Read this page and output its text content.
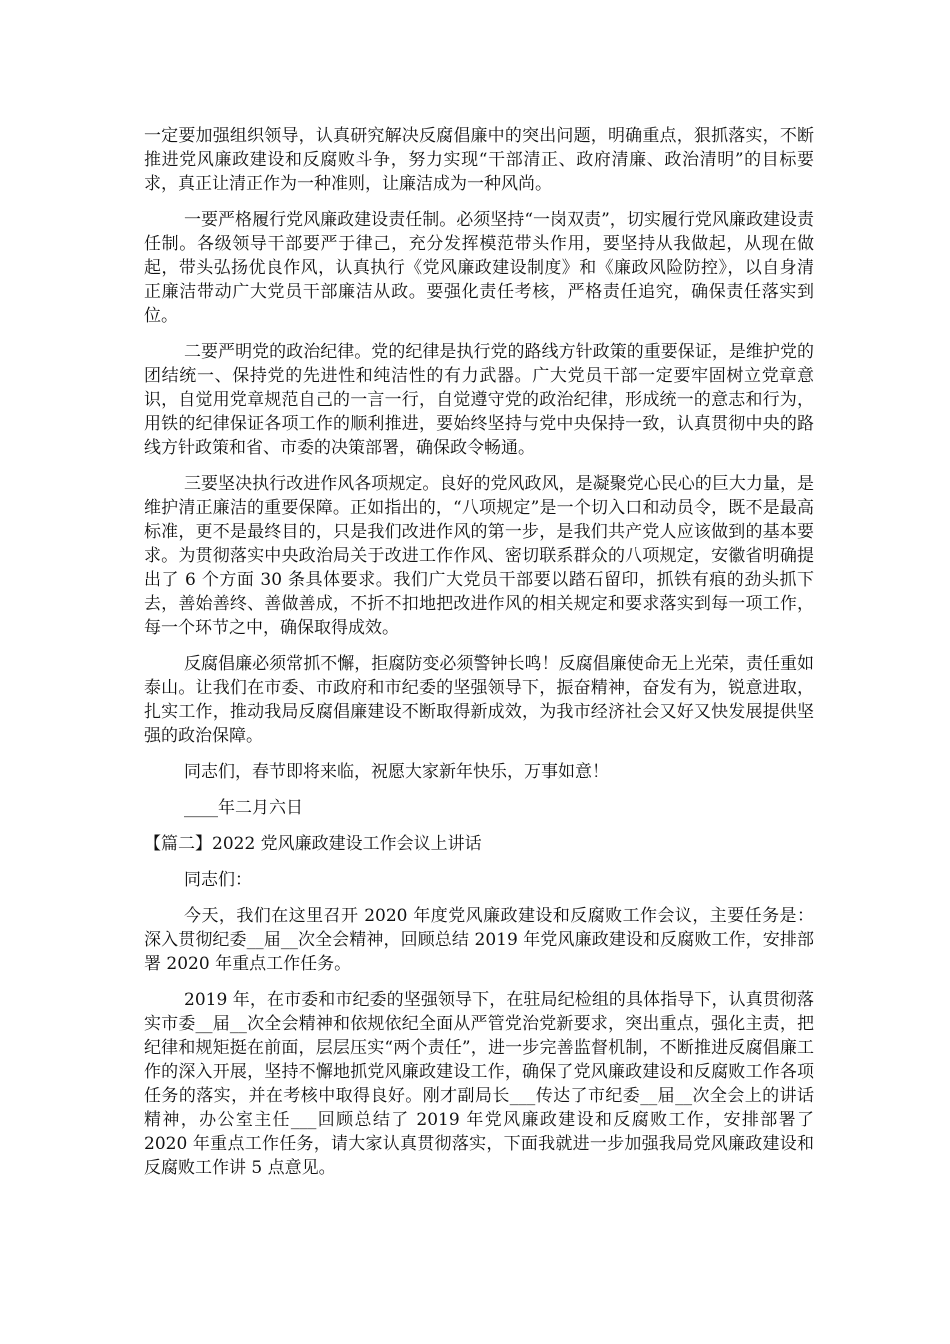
一定要加强组织领导，认真研究解决反腐倡廉中的突出问题，明确重点，狠抓落实，不断推进党风廉政建设和反腐败斗争，努力实现“干部清正、政府清廉、政治清明”的目标要求，真正让清正作为一种准则，让廉洁成为一种风尚。

一要严格履行党风廉政建设责任制。必须坚持“一岗双责”，切实履行党风廉政建设责任制。各级领导干部要严于律己，充分发挥模范带头作用，要坚持从我做起，从现在做起，带头弘扬优良作风，认真执行《党风廉政建设制度》和《廉政风险防控》，以自身清正廉洁带动广大党员干部廉洁从政。要强化责任考核，严格责任追究，确保责任落实到位。

二要严明党的政治纪律。党的纪律是执行党的路线方针政策的重要保证，是维护党的团结统一、保持党的先进性和纯洁性的有力武器。广大党员干部一定要牢固树立党章意识，自觉用党章规范自己的一言一行，自觉遵守党的政治纪律，形成统一的意志和行为，用铁的纪律保证各项工作的顺利推进，要始终坚持与党中央保持一致，认真贯彻中央的路线方针政策和省、市委的决策部署，确保政令畅通。

三要坚决执行改进作风各项规定。良好的党风政风，是凝聚党心民心的巨大力量，是维护清正廉洁的重要保障。正如指出的，“八项规定”是一个切入口和动员令，既不是最高标准，更不是最终目的，只是我们改进作风的第一步，是我们共产党人应该做到的基本要求。为贯彻落实中央政治局关于改进工作作风、密切联系群众的八项规定，安徽省明确提出了 6 个方面 30 条具体要求。我们广大党员干部要以踏石留印，抓铁有痕的劲头抓下去，善始善终、善做善成，不折不扣地把改进作风的相关规定和要求落实到每一项工作，每一个环节之中，确保取得成效。

反腐倡廉必须常抓不懈，拒腐防变必须警钟长鸣！反腐倡廉使命无上光荣，责任重如泰山。让我们在市委、市政府和市纪委的坚强领导下，振奋精神，奋发有为，锐意进取，扎实工作，推动我局反腐倡廉建设不断取得新成效，为我市经济社会又好又快发展提供坚强的政治保障。

同志们，春节即将来临，祝愿大家新年快乐，万事如意！

____年二月六日

【篇二】2022 党风廉政建设工作会议上讲话

同志们：

今天，我们在这里召开 2020 年度党风廉政建设和反腐败工作会议，主要任务是：深入贯彻纪委__届__次全会精神，回顾总结 2019 年党风廉政建设和反腐败工作，安排部署 2020 年重点工作任务。

2019 年，在市委和市纪委的坚强领导下，在驻局纪检组的具体指导下，认真贯彻落实市委__届__次全会精神和依规依纪全面从严管党治党新要求，突出重点，强化主责，把纪律和规矩挺在前面，层层压实“两个责任”，进一步完善监督机制，不断推进反腐倡廉工作的深入开展，坚持不懈地抓党风廉政建设工作，确保了党风廉政建设和反腐败工作各项任务的落实，并在考核中取得良好。刚才副局长___传达了市纪委__届__次全会上的讲话精神，办公室主任___回顾总结了 2019 年党风廉政建设和反腐败工作，安排部署了 2020 年重点工作任务，请大家认真贯彻落实，下面我就进一步加强我局党风廉政建设和反腐败工作讲 5 点意见。
